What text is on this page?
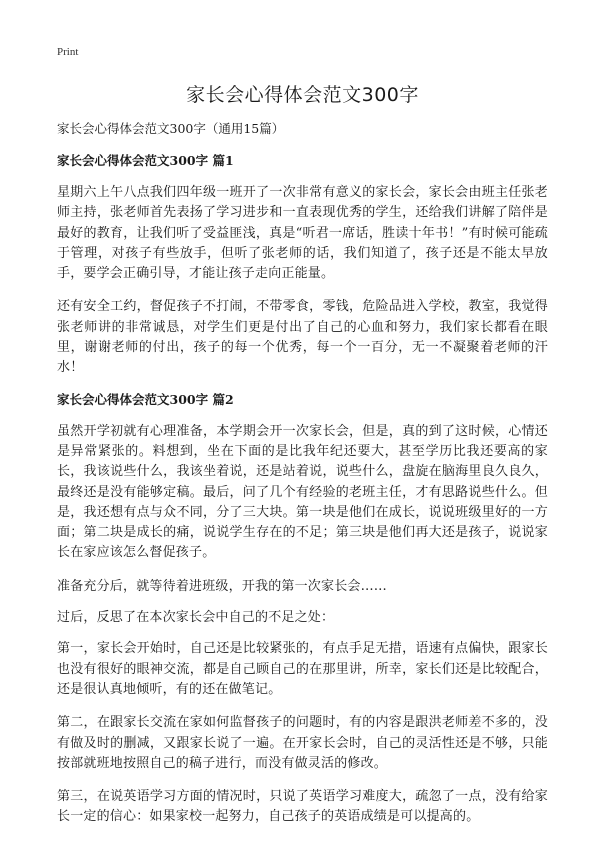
Print
家长会心得体会范文300字

家长会心得体会范文300字（通用15篇）

家长会心得体会范文300字 篇1

星期六上午八点我们四年级一班开了一次非常有意义的家长会，家长会由班主任张老师主持，张老师首先表扬了学习进步和一直表现优秀的学生，还给我们讲解了陪伴是最好的教育，让我们听了受益匪浅，真是“听君一席话，胜读十年书！”有时候可能疏于管理，对孩子有些放手，但听了张老师的话，我们知道了，孩子还是不能太早放手，要学会正确引导，才能让孩子走向正能量。

还有安全工约，督促孩子不打闹，不带零食，零钱，危险品进入学校，教室，我觉得张老师讲的非常诚恳，对学生们更是付出了自己的心血和努力，我们家长都看在眼里，谢谢老师的付出，孩子的每一个优秀，每一个一百分，无一不凝聚着老师的汗水！

家长会心得体会范文300字 篇2

虽然开学初就有心理准备，本学期会开一次家长会，但是，真的到了这时候，心情还是异常紧张的。料想到，坐在下面的是比我年纪还要大，甚至学历比我还要高的家长，我该说些什么，我该坐着说，还是站着说，说些什么，盘旋在脑海里良久良久，最终还是没有能够定稿。最后，问了几个有经验的老班主任，才有思路说些什么。但是，我还想有点与众不同，分了三大块。第一块是他们在成长，说说班级里好的一方面；第二块是成长的痛，说说学生存在的不足；第三块是他们再大还是孩子，说说家长在家应该怎么督促孩子。

准备充分后，就等待着进班级，开我的第一次家长会……

过后，反思了在本次家长会中自己的不足之处：

第一，家长会开始时，自己还是比较紧张的，有点手足无措，语速有点偏快，跟家长也没有很好的眼神交流，都是自己顾自己的在那里讲，所幸，家长们还是比较配合，还是很认真地倾听，有的还在做笔记。

第二，在跟家长交流在家如何监督孩子的问题时，有的内容是跟洪老师差不多的，没有做及时的删减，又跟家长说了一遍。在开家长会时，自己的灵活性还是不够，只能按部就班地按照自己的稿子进行，而没有做灵活的修改。

第三，在说英语学习方面的情况时，只说了英语学习难度大，疏忽了一点，没有给家长一定的信心：如果家校一起努力，自己孩子的英语成绩是可以提高的。
